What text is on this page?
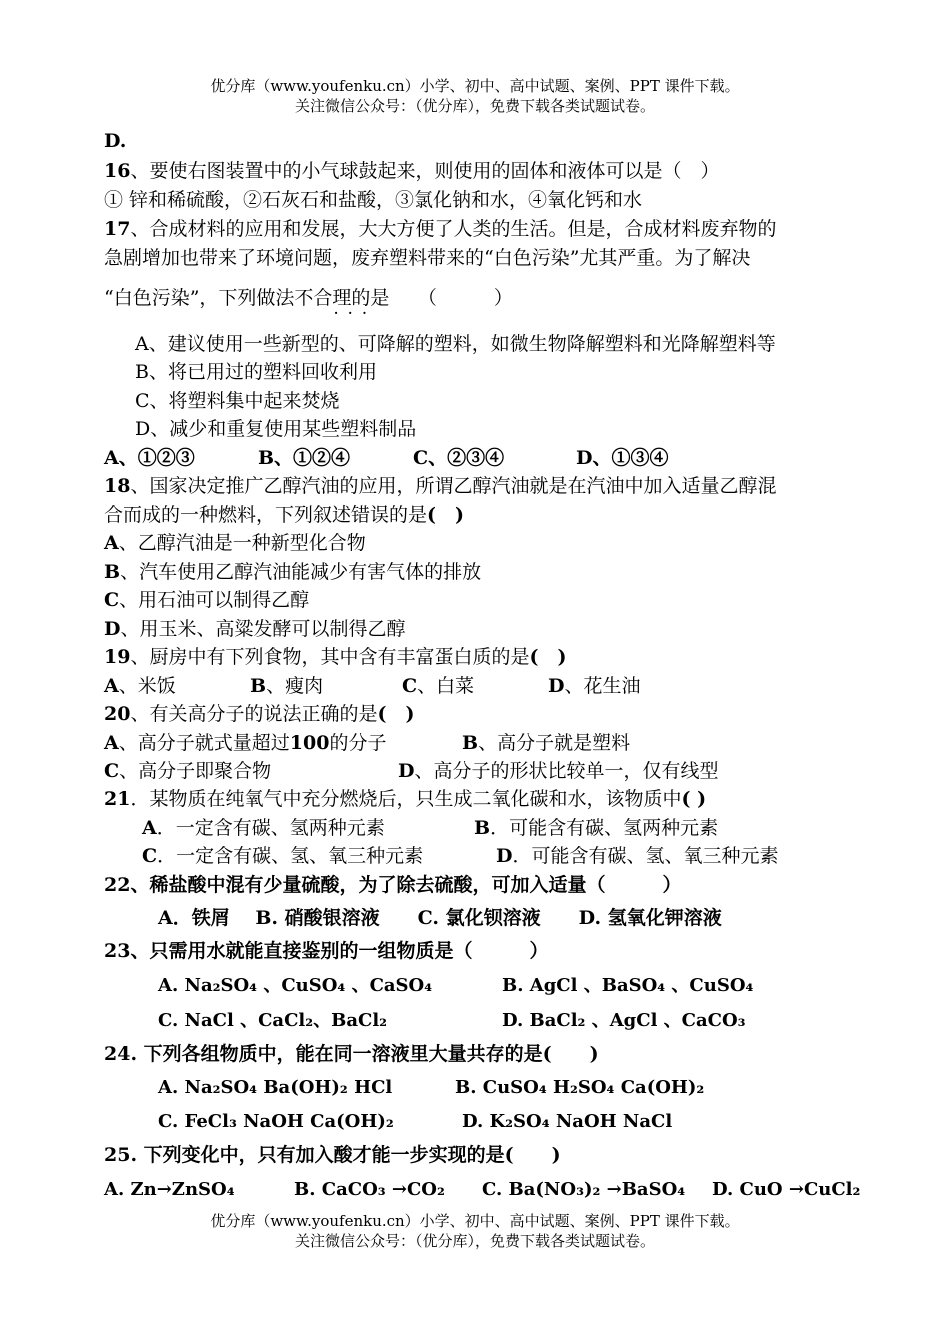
优分库（www.youfenku.cn）小学、初中、高中试题、案例、PPT 课件下载。
关注微信公众号：（优分库），免费下载各类试题试卷。
D.
16、要使右图装置中的小气球鼓起来，则使用的固体和液体可以是（　）
① 锌和稀硫酸，②石灰石和盐酸，③氯化钠和水，④氧化钙和水
17、合成材料的应用和发展，大大方便了人类的生活。但是，合成材料废弃物的
急剧增加也带来了环境问题，废弃塑料带来的“白色污染”尤其严重。为了解决
“白色污染”，下列做法不合理的是　　（　　　）
···
A、建议使用一些新型的、可降解的塑料，如微生物降解塑料和光降解塑料等
B、将已用过的塑料回收利用
C、将塑料集中起来焚烧
D、减少和重复使用某些塑料制品
A、①②③	B、①②④	C、②③④	D、①③④
18、国家决定推广乙醇汽油的应用，所谓乙醇汽油就是在汽油中加入适量乙醇混
合而成的一种燃料，下列叙述错误的是(　)
A、乙醇汽油是一种新型化合物
B、汽车使用乙醇汽油能减少有害气体的排放
C、用石油可以制得乙醇
D、用玉米、高粱发酵可以制得乙醇
19、厨房中有下列食物，其中含有丰富蛋白质的是(　)
A、米饭	B、瘦肉	C、白菜	D、花生油
20、有关高分子的说法正确的是(　)
A、高分子就式量超过100的分子	B、高分子就是塑料
C、高分子即聚合物	D、高分子的形状比较单一，仅有线型
21．某物质在纯氧气中充分燃烧后，只生成二氧化碳和水，该物质中( )
A．一定含有碳、氢两种元素	B．可能含有碳、氢两种元素
C．一定含有碳、氢、氧三种元素	D．可能含有碳、氢、氧三种元素
22、稀盐酸中混有少量硫酸，为了除去硫酸，可加入适量（　　　）
A．铁屑　 B. 硝酸银溶液　　C. 氯化钡溶液　　D. 氢氧化钾溶液
23、只需用水就能直接鉴别的一组物质是（　　　）
A. Na₂SO₄ 、CuSO₄ 、CaSO₄	B. AgCl 、BaSO₄ 、CuSO₄
C. NaCl 、CaCl₂、BaCl₂	D. BaCl₂ 、AgCl 、CaCO₃
24. 下列各组物质中，能在同一溶液里大量共存的是(　　)
A. Na₂SO₄ Ba(OH)₂ HCl	B. CuSO₄ H₂SO₄ Ca(OH)₂
C. FeCl₃ NaOH Ca(OH)₂	D. K₂SO₄ NaOH NaCl
25. 下列变化中，只有加入酸才能一步实现的是(　　)
A. Zn→ZnSO₄	B. CaCO₃ →CO₂ C. Ba(NO₃)₂ →BaSO₄ D. CuO →CuCl₂
优分库（www.youfenku.cn）小学、初中、高中试题、案例、PPT 课件下载。
关注微信公众号：（优分库），免费下载各类试题试卷。
